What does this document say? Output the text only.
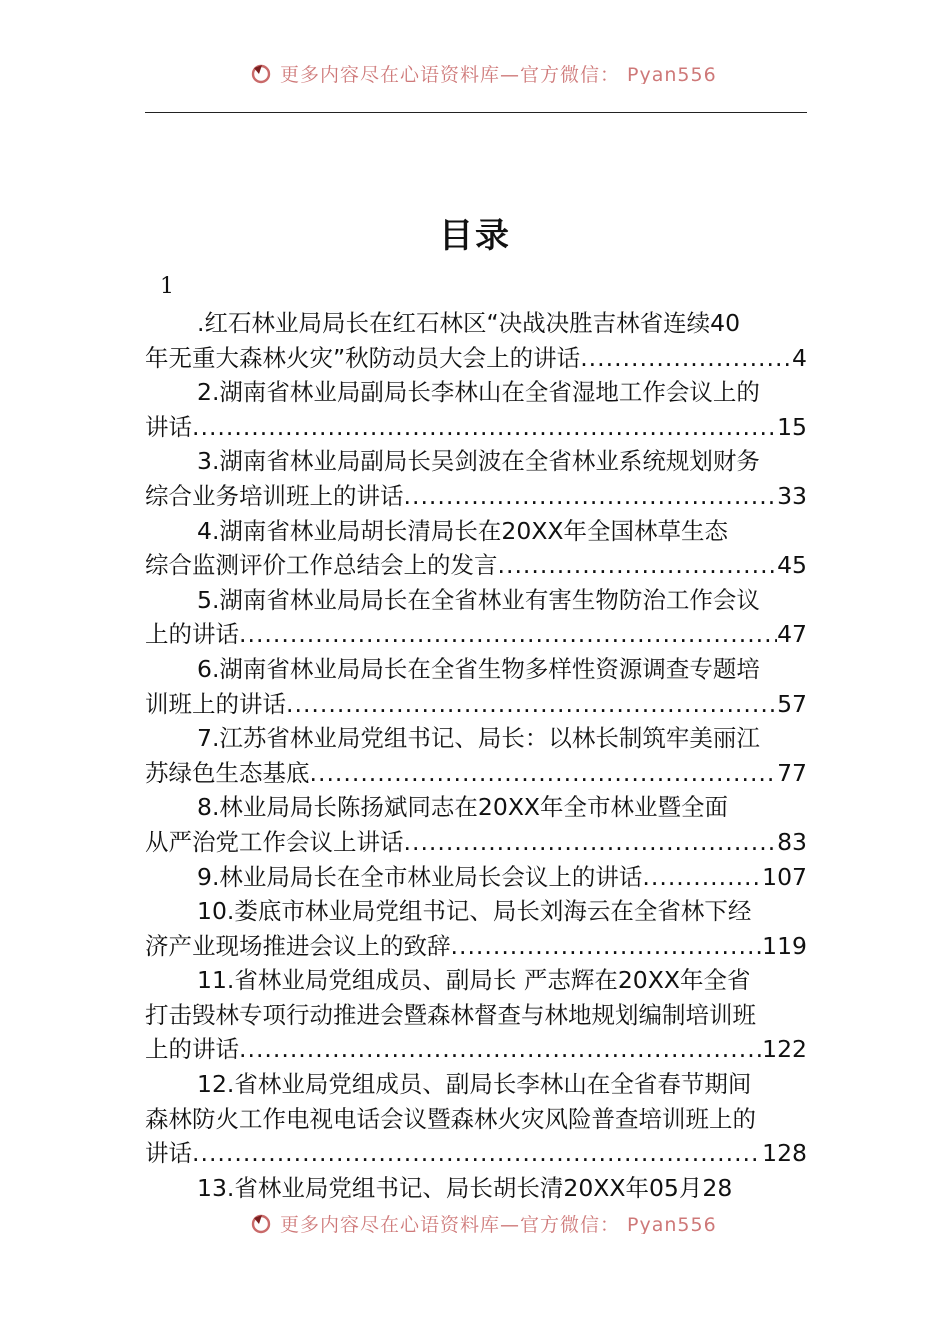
更多内容尽在心语资料库—官方微信： Pyan556
目录
1
.红石林业局局长在红石林区“决战决胜吉林省连续40
年无重大森林火灾”秋防动员大会上的讲话 .....	4
2.湖南省林业局副局长李林山在全省湿地工作会议上的
讲话 .....	15
3.湖南省林业局副局长吴剑波在全省林业系统规划财务
综合业务培训班上的讲话 .....	33
4.湖南省林业局胡长清局长在20XX年全国林草生态
综合监测评价工作总结会上的发言 .....	45
5.湖南省林业局局长在全省林业有害生物防治工作会议
上的讲话 .....	47
6.湖南省林业局局长在全省生物多样性资源调查专题培
训班上的讲话 .....	57
7.江苏省林业局党组书记、局长：以林长制筑牢美丽江
苏绿色生态基底 .....	77
8.林业局局长陈扬斌同志在20XX年全市林业暨全面
从严治党工作会议上讲话 .....	83
9.林业局局长在全市林业局长会议上的讲话 .....	107
10.娄底市林业局党组书记、局长刘海云在全省林下经
济产业现场推进会议上的致辞 .....	119
11.省林业局党组成员、副局长 严志辉在20XX年全省
打击毁林专项行动推进会暨森林督查与林地规划编制培训班
上的讲话 .....	122
12.省林业局党组成员、副局长李林山在全省春节期间
森林防火工作电视电话会议暨森林火灾风险普查培训班上的
讲话 .....	128
13.省林业局党组书记、局长胡长清20XX年05月28
更多内容尽在心语资料库—官方微信： Pyan556
